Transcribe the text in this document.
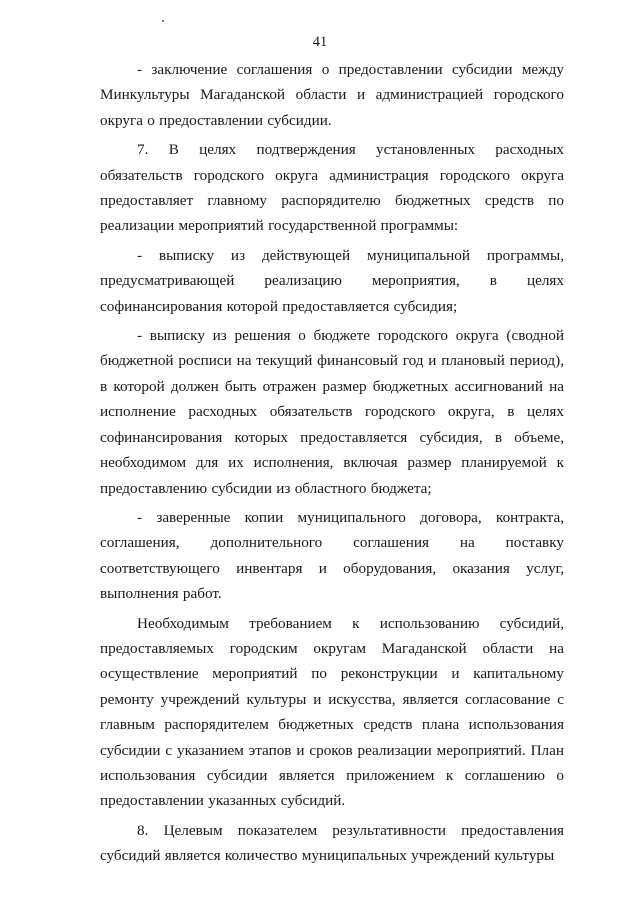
41

- заключение соглашения о предоставлении субсидии между Минкультуры Магаданской области и администрацией городского округа о предоставлении субсидии.

7. В целях подтверждения установленных расходных обязательств городского округа администрация городского округа предоставляет главному распорядителю бюджетных средств по реализации мероприятий государственной программы:

- выписку из действующей муниципальной программы, предусматривающей реализацию мероприятия, в целях софинансирования которой предоставляется субсидия;

- выписку из решения о бюджете городского округа (сводной бюджетной росписи на текущий финансовый год и плановый период), в которой должен быть отражен размер бюджетных ассигнований на исполнение расходных обязательств городского округа, в целях софинансирования которых предоставляется субсидия, в объеме, необходимом для их исполнения, включая размер планируемой к предоставлению субсидии из областного бюджета;

- заверенные копии муниципального договора, контракта, соглашения, дополнительного соглашения на поставку соответствующего инвентаря и оборудования, оказания услуг, выполнения работ.

Необходимым требованием к использованию субсидий, предоставляемых городским округам Магаданской области на осуществление мероприятий по реконструкции и капитальному ремонту учреждений культуры и искусства, является согласование с главным распорядителем бюджетных средств плана использования субсидии с указанием этапов и сроков реализации мероприятий. План использования субсидии является приложением к соглашению о предоставлении указанных субсидий.

8. Целевым показателем результативности предоставления субсидий является количество муниципальных учреждений культуры
